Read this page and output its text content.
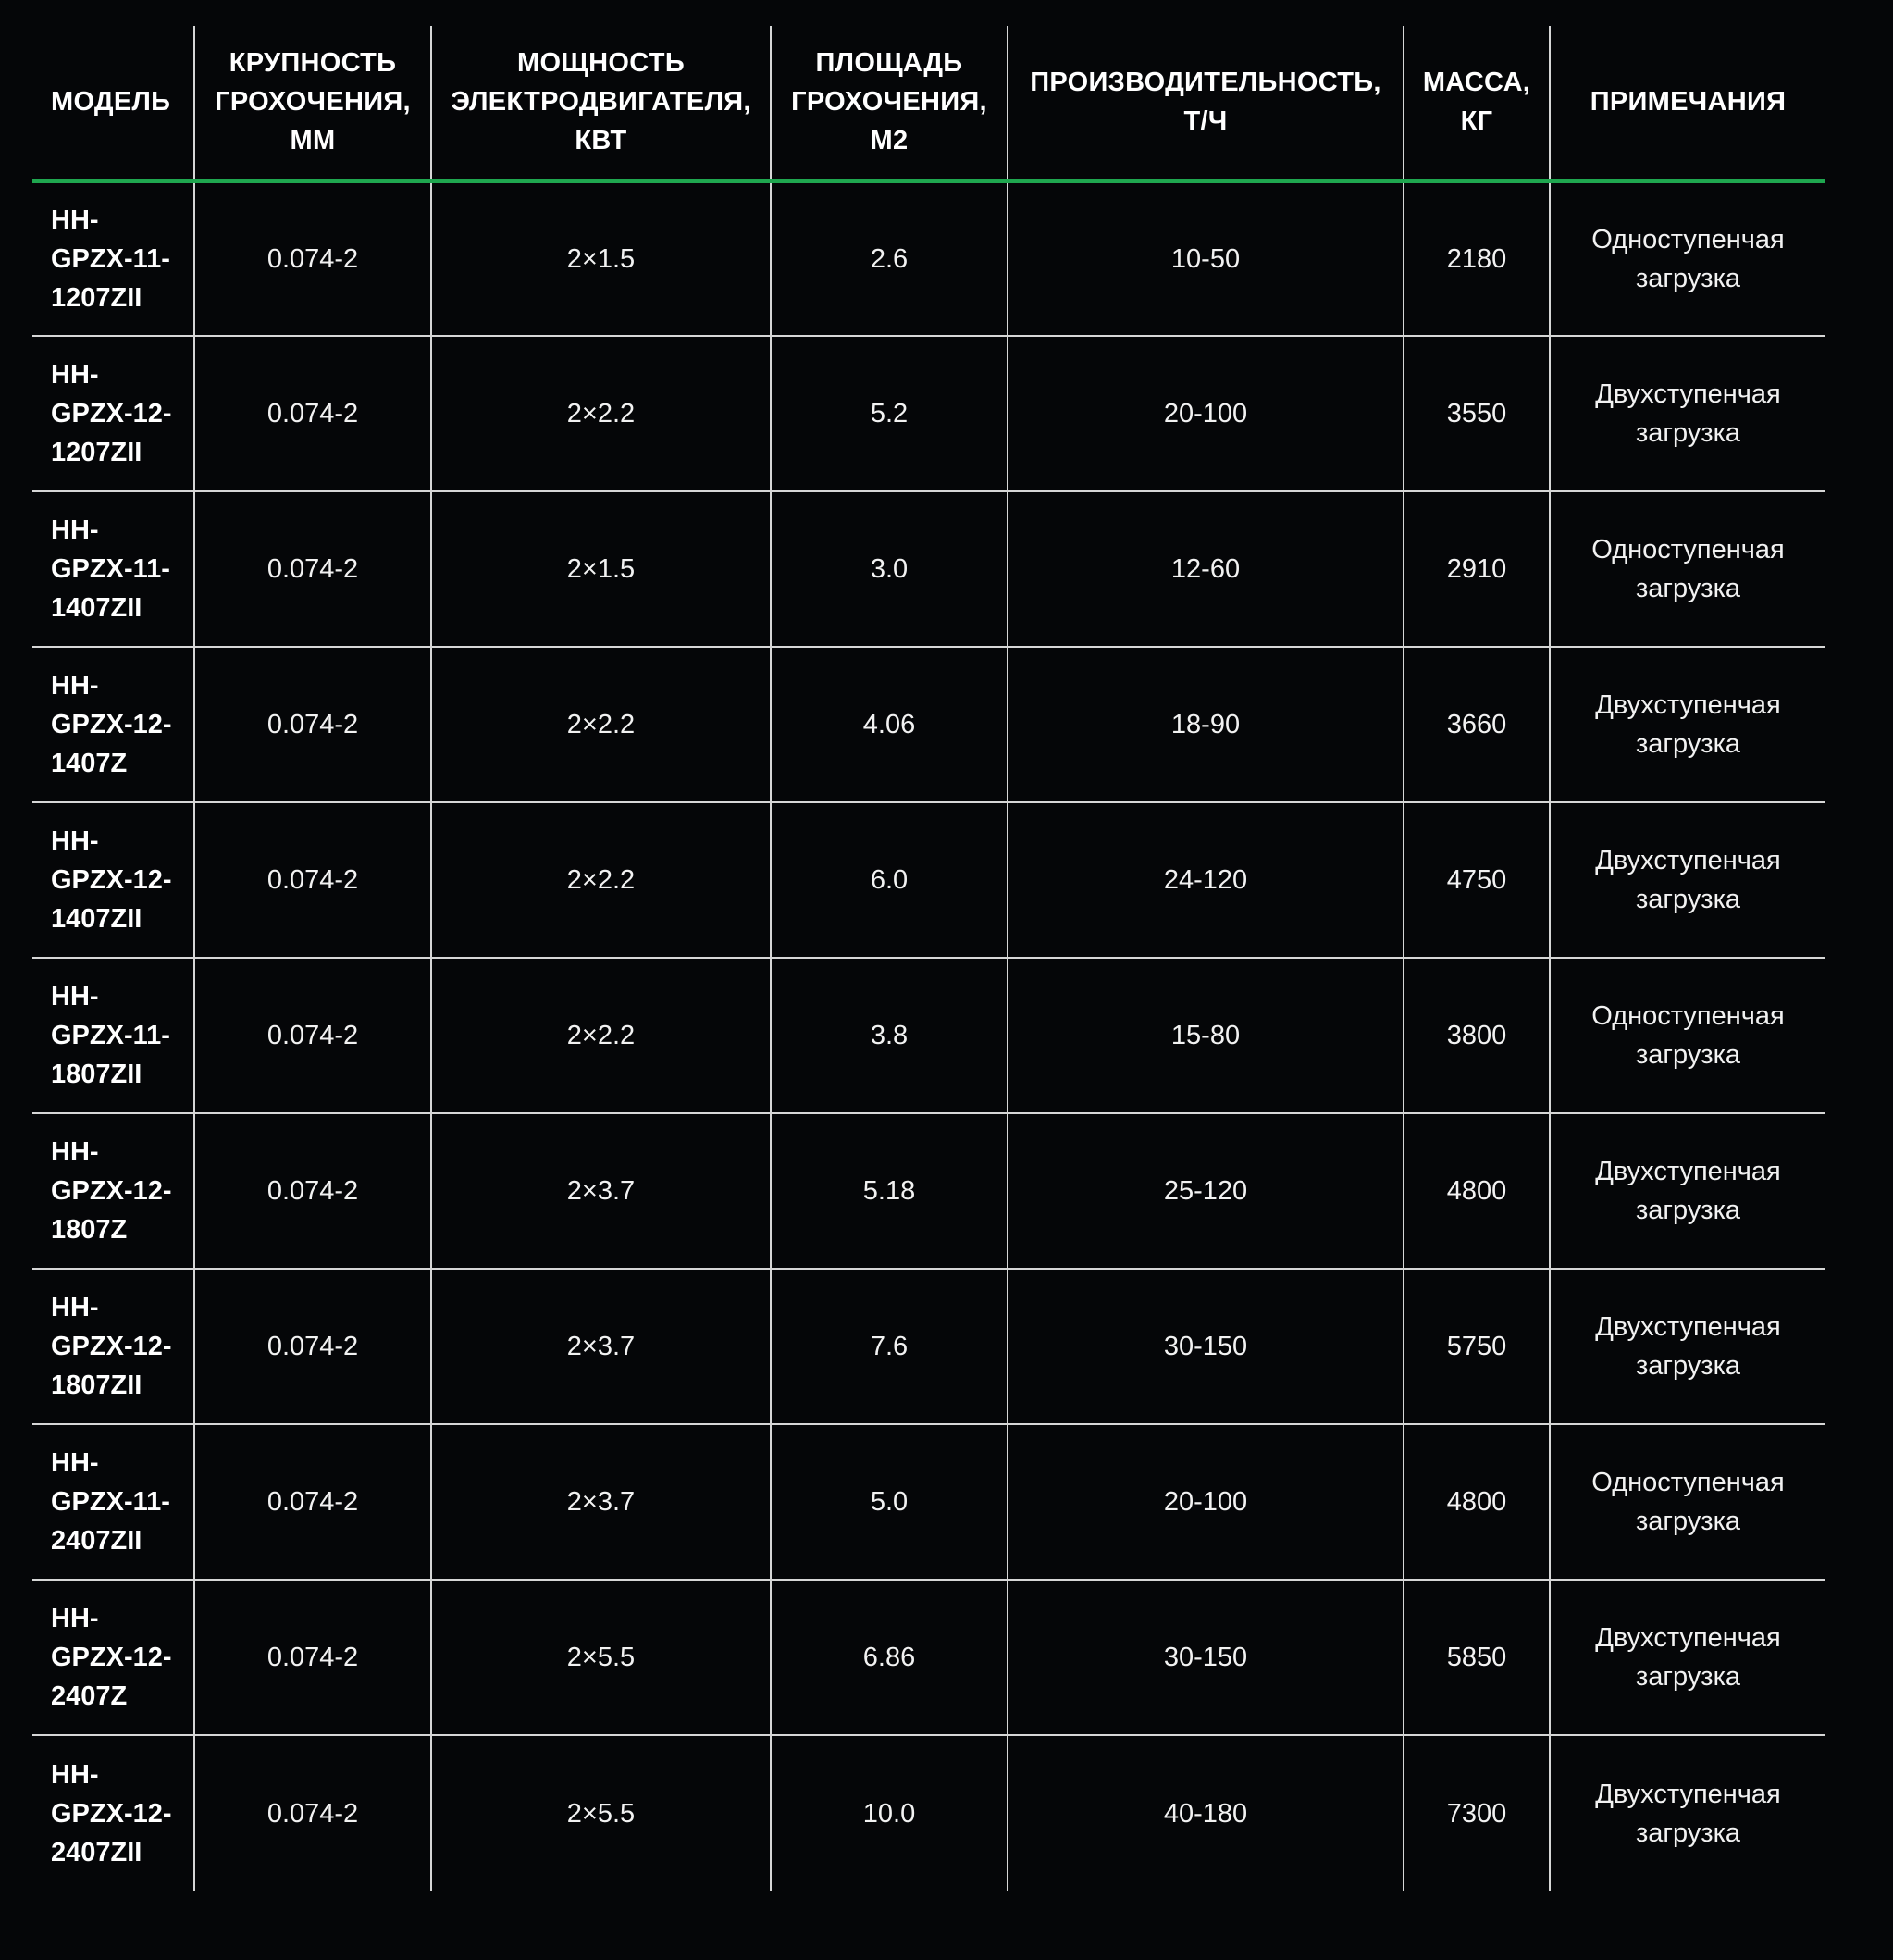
МОДЕЛЬ	КРУПНОСТЬ ГРОХОЧЕНИЯ, ММ	МОЩНОСТЬ ЭЛЕКТРОДВИГАТЕЛЯ, КВТ	ПЛОЩАДЬ ГРОХОЧЕНИЯ, М2	ПРОИЗВОДИТЕЛЬНОСТЬ, Т/Ч	МАССА, КГ	ПРИМЕЧАНИЯ

HH-
GPZX-11-
1207ZII	0.074-2	2×1.5	2.6	10-50	2180	Одноступенчая загрузка

HH-
GPZX-12-
1207ZII	0.074-2	2×2.2	5.2	20-100	3550	Двухступенчая загрузка

HH-
GPZX-11-
1407ZII	0.074-2	2×1.5	3.0	12-60	2910	Одноступенчая загрузка

HH-
GPZX-12-
1407Z	0.074-2	2×2.2	4.06	18-90	3660	Двухступенчая загрузка

HH-
GPZX-12-
1407ZII	0.074-2	2×2.2	6.0	24-120	4750	Двухступенчая загрузка

HH-
GPZX-11-
1807ZII	0.074-2	2×2.2	3.8	15-80	3800	Одноступенчая загрузка

HH-
GPZX-12-
1807Z	0.074-2	2×3.7	5.18	25-120	4800	Двухступенчая загрузка

HH-
GPZX-12-
1807ZII	0.074-2	2×3.7	7.6	30-150	5750	Двухступенчая загрузка

HH-
GPZX-11-
2407ZII	0.074-2	2×3.7	5.0	20-100	4800	Одноступенчая загрузка

HH-
GPZX-12-
2407Z	0.074-2	2×5.5	6.86	30-150	5850	Двухступенчая загрузка

HH-
GPZX-12-
2407ZII	0.074-2	2×5.5	10.0	40-180	7300	Двухступенчая загрузка
